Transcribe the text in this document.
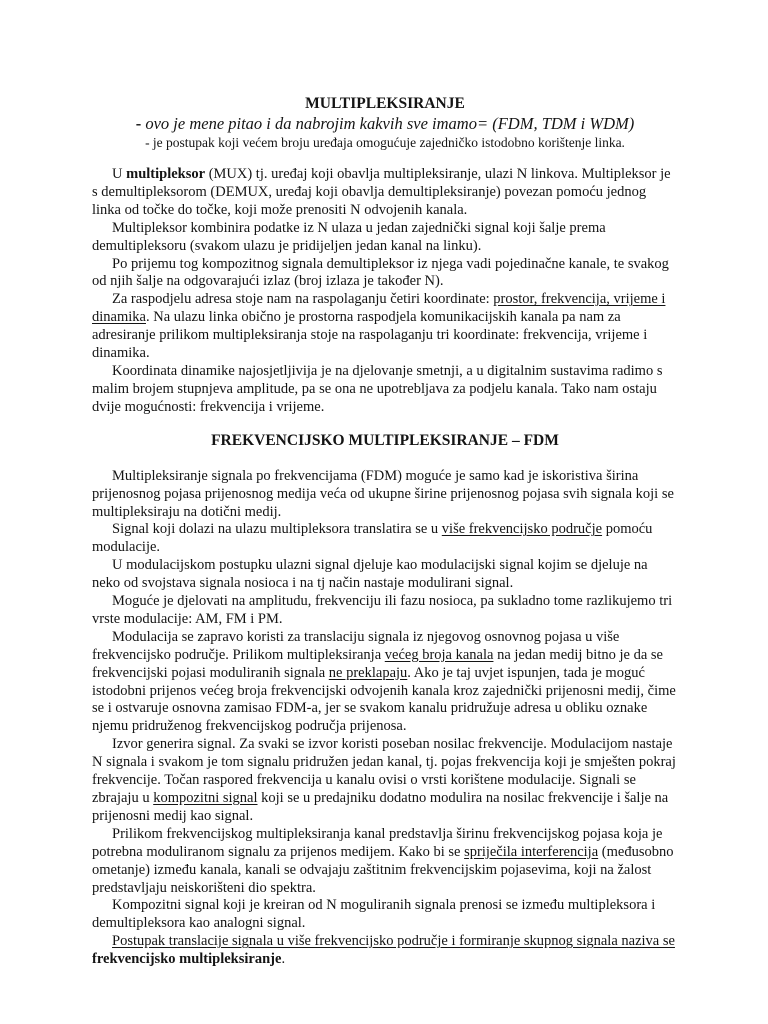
MULTIPLEKSIRANJE

- ovo je mene pitao i da nabrojim kakvih sve imamo= (FDM, TDM i WDM)

- je postupak koji većem broju uređaja omogućuje zajedničko istodobno korištenje linka.

U multipleksor (MUX) tj. uređaj koji obavlja multipleksiranje, ulazi N linkova. Multipleksor je s demultipleksorom (DEMUX, uređaj koji obavlja demultipleksiranje) povezan pomoću jednog linka od točke do točke, koji može prenositi N odvojenih kanala.

Multipleksor kombinira podatke iz N ulaza u jedan zajednički signal koji šalje prema demultipleksoru (svakom ulazu je pridijeljen jedan kanal na linku).

Po prijemu tog kompozitnog signala demultipleksor iz njega vadi pojedinačne kanale, te svakog od njih šalje na odgovarajući izlaz (broj izlaza je također N).

Za raspodjelu adresa stoje nam na raspolaganju četiri koordinate: prostor, frekvencija, vrijeme i dinamika. Na ulazu linka obično je prostorna raspodjela komunikacijskih kanala pa nam za adresiranje prilikom multipleksiranja stoje na raspolaganju tri koordinate: frekvencija, vrijeme i dinamika.

Koordinata dinamike najosjetljivija je na djelovanje smetnji, a u digitalnim sustavima radimo s malim brojem stupnjeva amplitude, pa se ona ne upotrebljava za podjelu kanala. Tako nam ostaju dvije mogućnosti: frekvencija i vrijeme.

FREKVENCIJSKO MULTIPLEKSIRANJE – FDM

Multipleksiranje signala po frekvencijama (FDM) moguće je samo kad je iskoristiva širina prijenosnog pojasa prijenosnog medija veća od ukupne širine prijenosnog pojasa svih signala koji se multipleksiraju na dotični medij.

Signal koji dolazi na ulazu multipleksora translatira se u više frekvencijsko područje pomoću modulacije.

U modulacijskom postupku ulazni signal djeluje kao modulacijski signal kojim se djeluje na neko od svojstava signala nosioca i na tj način nastaje modulirani signal.

Moguće je djelovati na amplitudu, frekvenciju ili fazu nosioca, pa sukladno tome razlikujemo tri vrste modulacije: AM, FM i PM.

Modulacija se zapravo koristi za translaciju signala iz njegovog osnovnog pojasa u više frekvencijsko područje. Prilikom multipleksiranja većeg broja kanala na jedan medij bitno je da se frekvencijski pojasi moduliranih signala ne preklapaju. Ako je taj uvjet ispunjen, tada je moguć istodobni prijenos većeg broja frekvencijski odvojenih kanala kroz zajednički prijenosni medij, čime se i ostvaruje osnovna zamisao FDM-a, jer se svakom kanalu pridružuje adresa u obliku oznake njemu pridruženog frekvencijskog područja prijenosa.

Izvor generira signal. Za svaki se izvor koristi poseban nosilac frekvencije. Modulacijom nastaje N signala i svakom je tom signalu pridružen jedan kanal, tj. pojas frekvencija koji je smješten pokraj frekvencije. Točan raspored frekvencija u kanalu ovisi o vrsti korištene modulacije. Signali se zbrajaju u kompozitni signal koji se u predajniku dodatno modulira na nosilac frekvencije i šalje na prijenosni medij kao signal.

Prilikom frekvencijskog multipleksiranja kanal predstavlja širinu frekvencijskog pojasa koja je potrebna moduliranom signalu za prijenos medijem. Kako bi se spriječila interferencija (međusobno ometanje) između kanala, kanali se odvajaju zaštitnim frekvencijskim pojasevima, koji na žalost predstavljaju neiskorišteni dio spektra.

Kompozitni signal koji je kreiran od N moguliranih signala prenosi se između multipleksora i demultipleksora kao analogni signal.

Postupak translacije signala u više frekvencijsko područje i formiranje skupnog signala naziva se frekvencijsko multipleksiranje.
